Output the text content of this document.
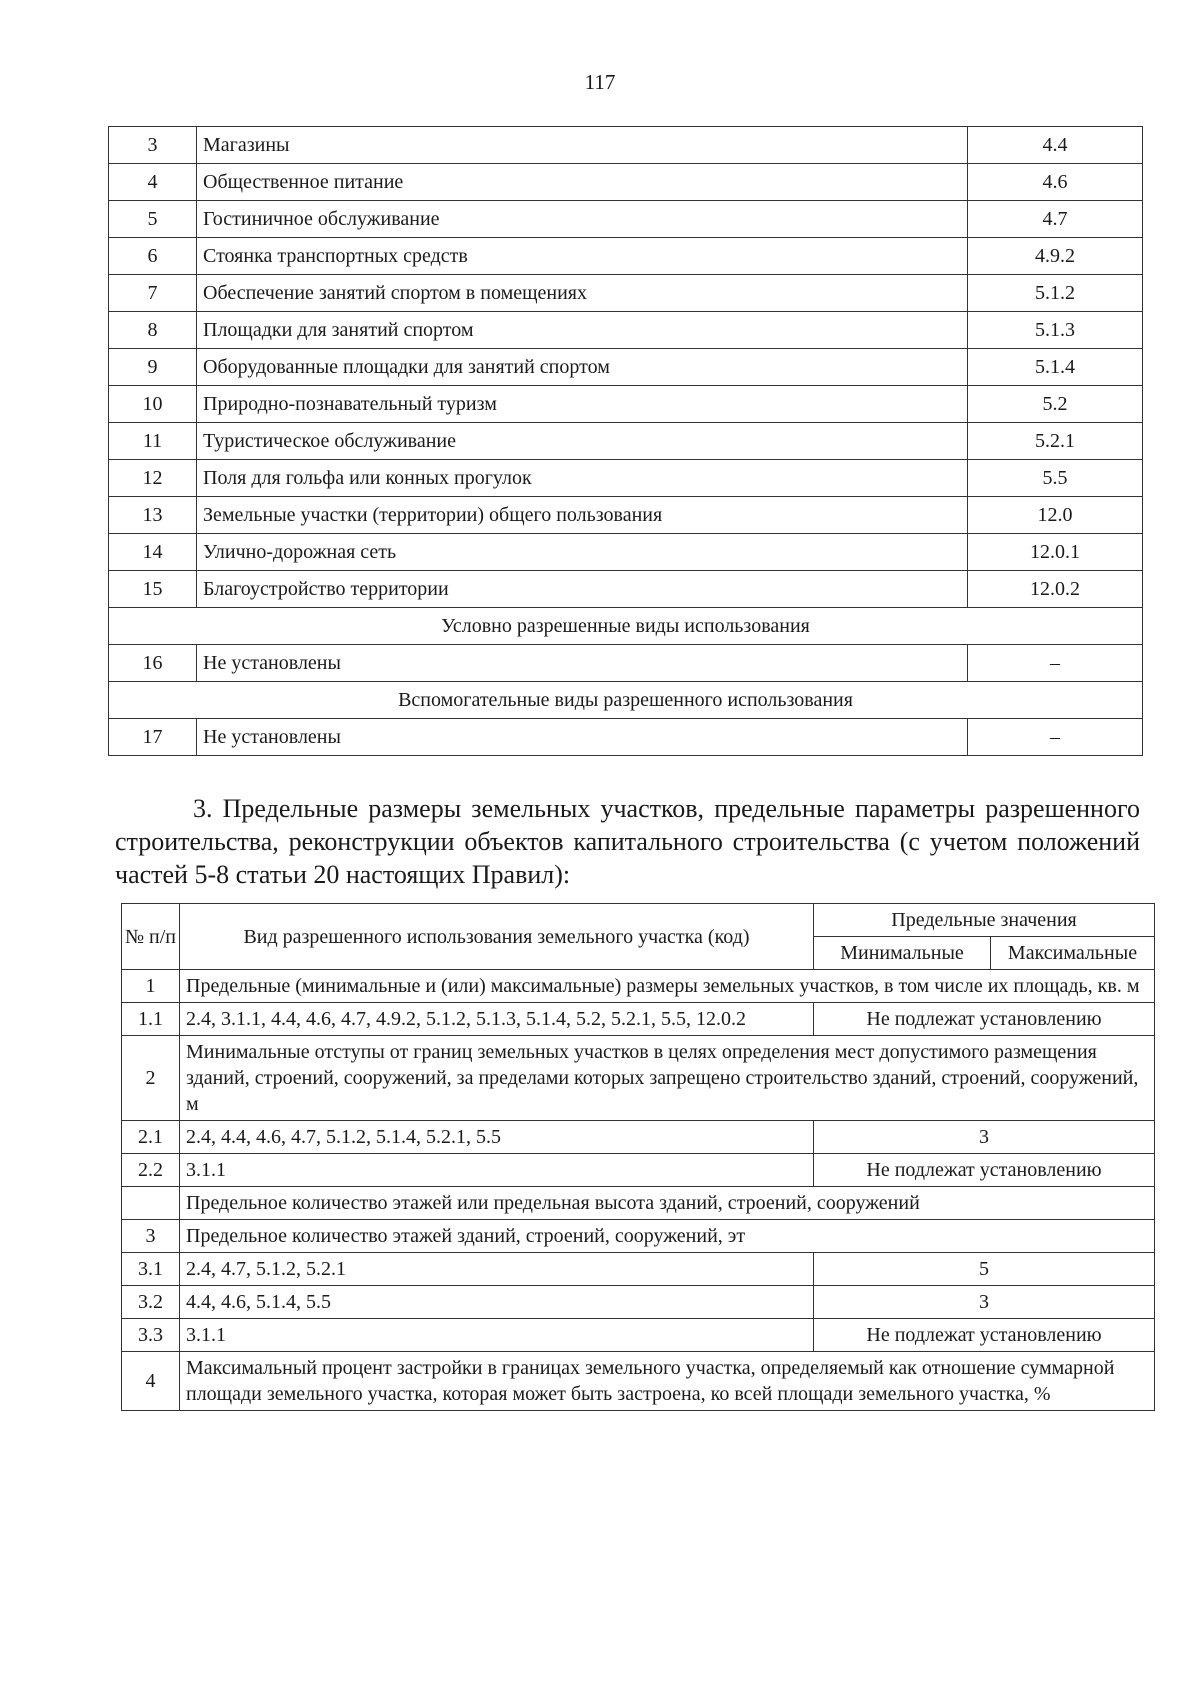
117
3	Магазины	4.4
4	Общественное питание	4.6
5	Гостиничное обслуживание	4.7
6	Стоянка транспортных средств	4.9.2
7	Обеспечение занятий спортом в помещениях	5.1.2
8	Площадки для занятий спортом	5.1.3
9	Оборудованные площадки для занятий спортом	5.1.4
10	Природно-познавательный туризм	5.2
11	Туристическое обслуживание	5.2.1
12	Поля для гольфа или конных прогулок	5.5
13	Земельные участки (территории) общего пользования	12.0
14	Улично-дорожная сеть	12.0.1
15	Благоустройство территории	12.0.2
Условно разрешенные виды использования		
16	Не установлены	–
Вспомогательные виды разрешенного использования		
17	Не установлены	–
3. Предельные размеры земельных участков, предельные параметры разрешенного строительства, реконструкции объектов капитального строительства (с учетом положений частей 5-8 статьи 20 настоящих Правил):
№ п/п	Вид разрешенного использования земельного участка (код)	Предельные значения	
		Минимальные	Максимальные
1	Предельные (минимальные и (или) максимальные) размеры земельных участков, в том числе их площадь, кв. м		
1.1	2.4, 3.1.1, 4.4, 4.6, 4.7, 4.9.2, 5.1.2, 5.1.3, 5.1.4, 5.2, 5.2.1, 5.5, 12.0.2	Не подлежат установлению	
2	Минимальные отступы от границ земельных участков в целях определения мест допустимого размещения зданий, строений, сооружений, за пределами которых запрещено строительство зданий, строений, сооружений, м		
2.1	2.4, 4.4, 4.6, 4.7, 5.1.2, 5.1.4, 5.2.1, 5.5	3	
2.2	3.1.1	Не подлежат установлению	
	Предельное количество этажей или предельная высота зданий, строений, сооружений		
3	Предельное количество этажей зданий, строений, сооружений, эт		
3.1	2.4, 4.7, 5.1.2, 5.2.1	5	
3.2	4.4, 4.6, 5.1.4, 5.5	3	
3.3	3.1.1	Не подлежат установлению	
4	Максимальный процент застройки в границах земельного участка, определяемый как отношение суммарной площади земельного участка, которая может быть застроена, ко всей площади земельного участка, %		
